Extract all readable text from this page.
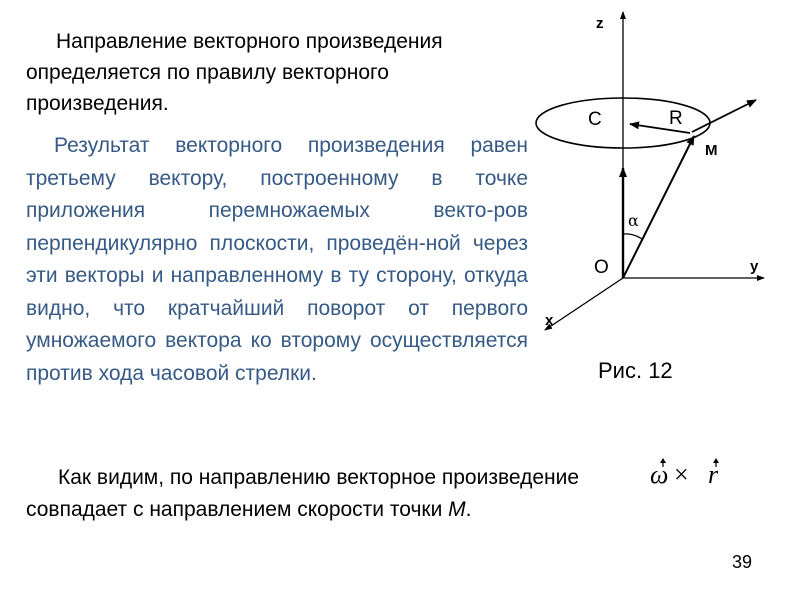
Направление векторного произведения
определяется по правилу векторного произведения.
Результат векторного произведения равен третьему вектору, построенному в точке приложения перемножаемых векто-ров перпендикулярно плоскости, проведён-ной через эти векторы и направленному в ту сторону, откуда видно, что кратчайший поворот от первого умножаемого вектора ко второму осуществляется против хода часовой стрелки.
Как видим, по направлению векторное произведение
совпадает с направлением скорости точки M.
ω × r
z
y
x
O
C	R
M
α
Рис. 12
39
